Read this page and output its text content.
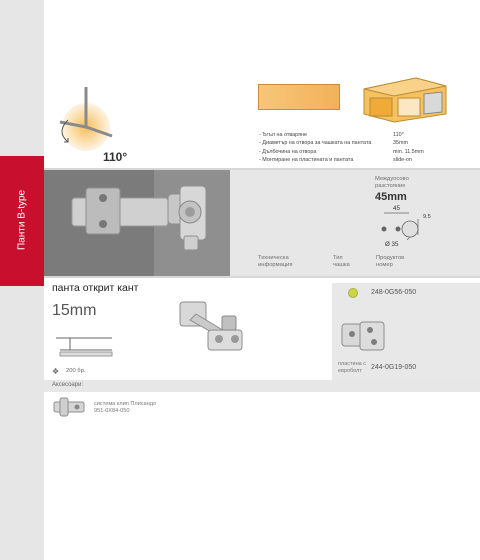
Панти B-type
110°
- Ъгъл на отваряне
- Диаметър на отвора за чашката на пантата
- Дълбочина на отвора
- Монтиране на пластината и пантата
110°
35mm
min. 11.5mm
slide-on
Техническа
информация
Тип
чашка
Междуосово
разстояние
45mm
Продуктов
номер
45
9.5
Ø 35
панта открит кант
15mm
❖ 200 бр.
248-0G56-050
пластина с
евроболт	244-0G19-050
Аксесоари:
система клип Плисандо
951-0X84-050
